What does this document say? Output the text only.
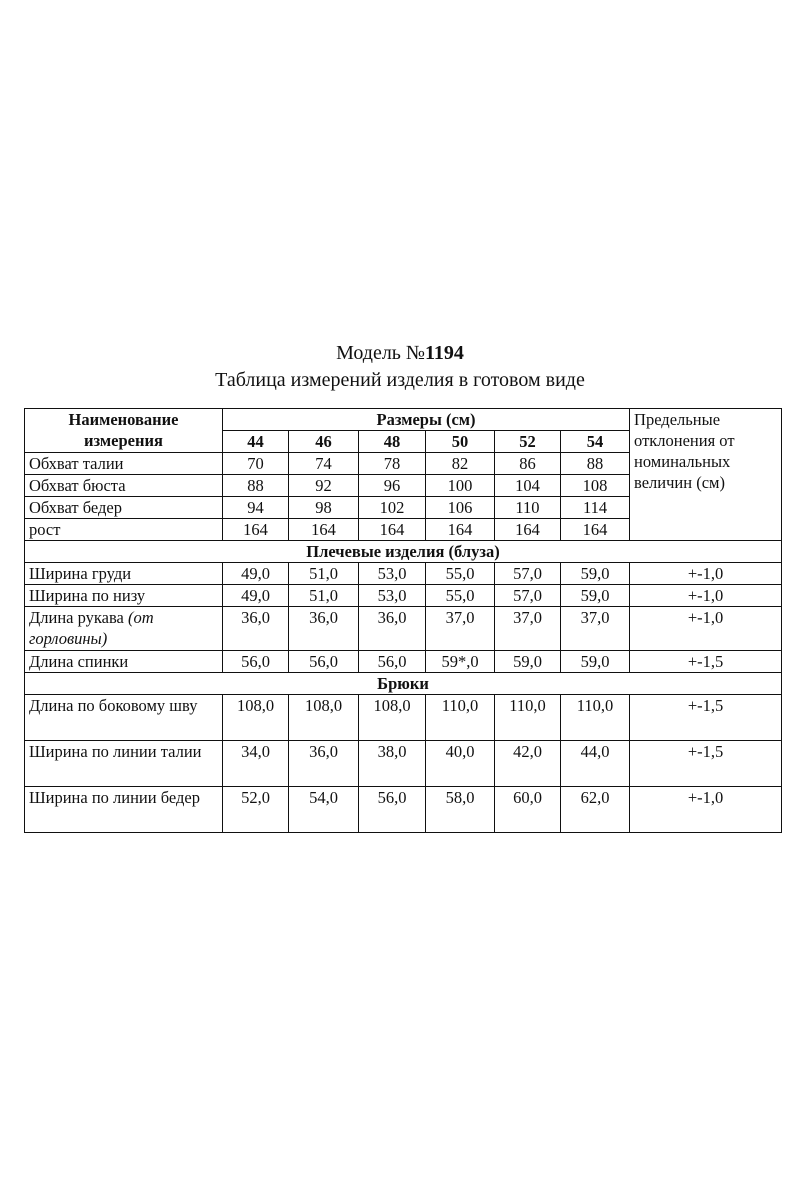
Модель №1194
Таблица измерений изделия в готовом виде
Наименование измерения	Размеры (см)						Предельные отклонения от номинальных величин (см)
	44	46	48	50	52	54	
Обхват талии	70	74	78	82	86	88	
Обхват бюста	88	92	96	100	104	108	
Обхват бедер	94	98	102	106	110	114	
рост	164	164	164	164	164	164	
Плечевые изделия (блуза)							
Ширина груди	49,0	51,0	53,0	55,0	57,0	59,0	+-1,0
Ширина по низу	49,0	51,0	53,0	55,0	57,0	59,0	+-1,0
Длина рукава (от горловины)	36,0	36,0	36,0	37,0	37,0	37,0	+-1,0
Длина спинки	56,0	56,0	56,0	59*,0	59,0	59,0	+-1,5
Брюки							
Длина по боковому шву	108,0	108,0	108,0	110,0	110,0	110,0	+-1,5
Ширина по линии талии	34,0	36,0	38,0	40,0	42,0	44,0	+-1,5
Ширина по линии бедер	52,0	54,0	56,0	58,0	60,0	62,0	+-1,0
